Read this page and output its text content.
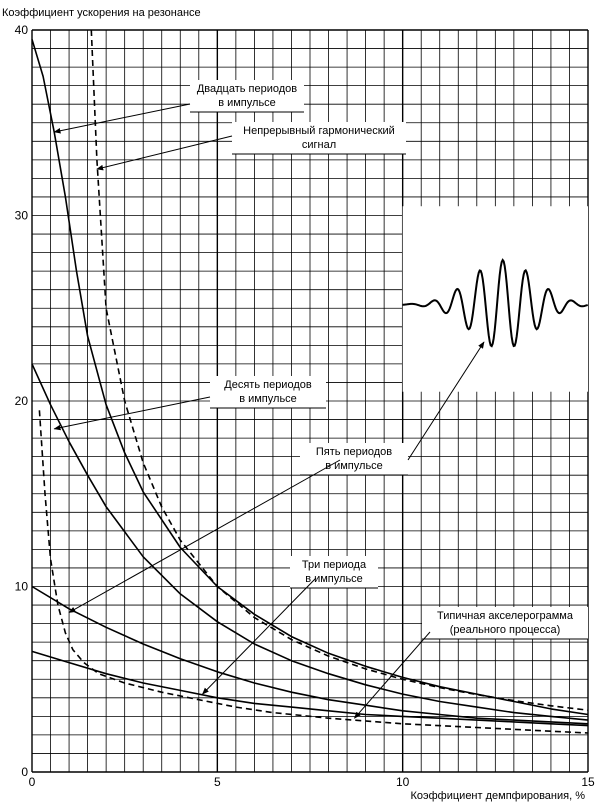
Коэффициент ускорения на резонансе
Коэффициент демпфирования, %
Двадцать периодов
в импульсе
Непрерывный гармонический
сигнал
Десять периодов
в импульсе
Пять периодов
в импульсе
Три периода
в импульсе
Типичная акселерограмма
(реального процесса)
0	5	10	15
0
10
20
30
40
